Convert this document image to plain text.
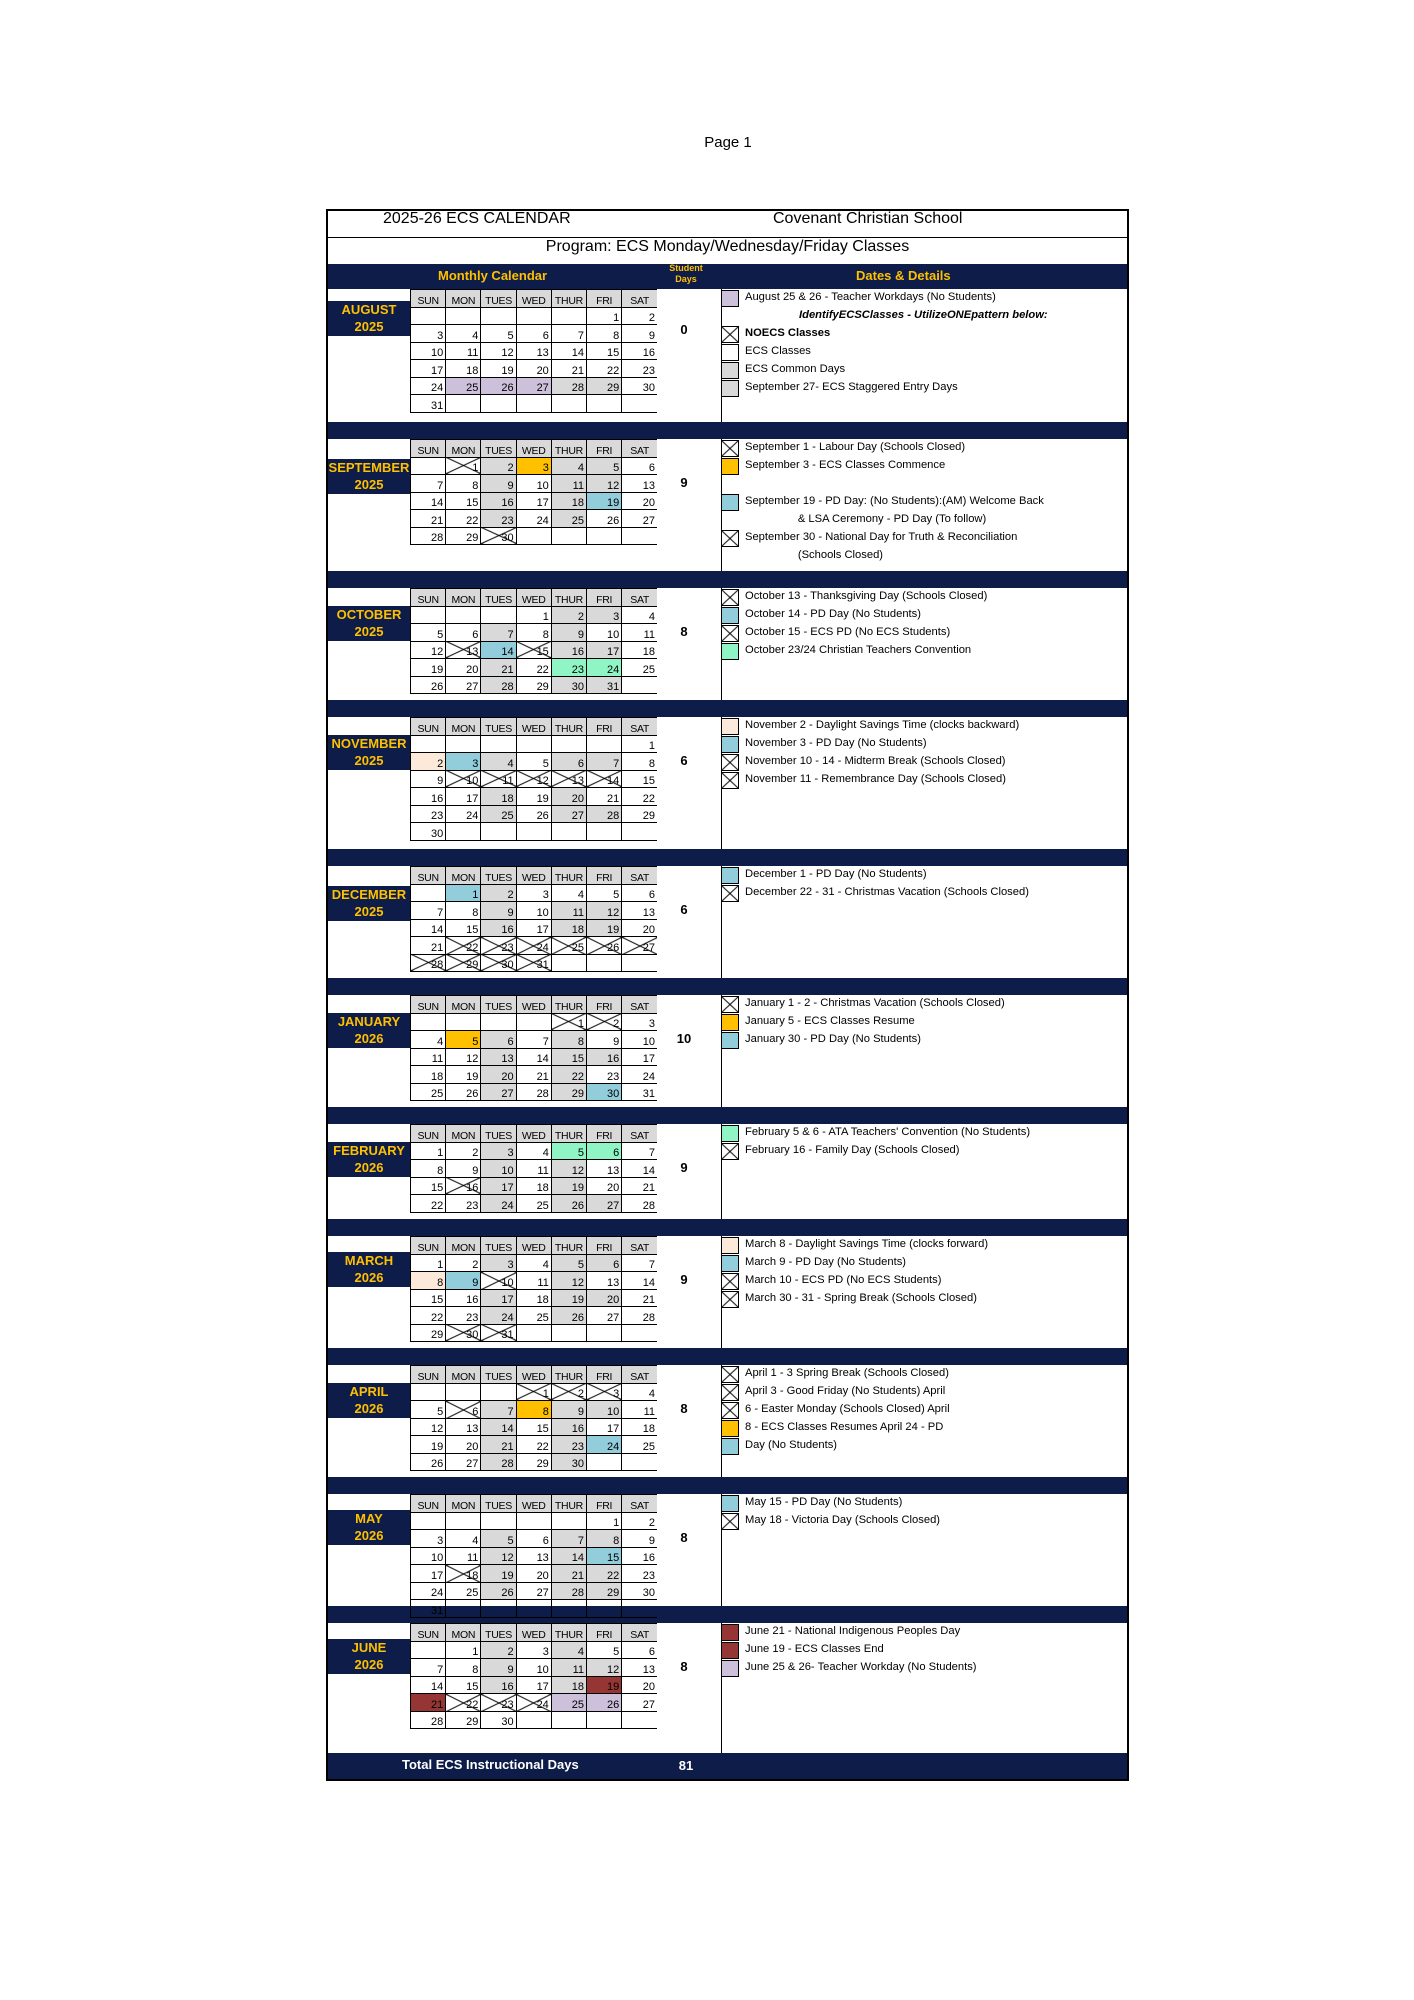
Page 1
2025-26 ECS CALENDAR	Covenant Christian School
Program: ECS Monday/Wednesday/Friday Classes
Monthly Calendar	Student Days	Dates & Details
AUGUST
2025
SUN	MON	TUES	WED	THUR	FRI	SAT
					1	2
3	4	5	6	7	8	9
10	11	12	13	14	15	16
17	18	19	20	21	22	23
24	25	26	27	28	29	30
31						
0
August 25 & 26 - Teacher Workdays (No Students)
IdentifyECSClasses - UtilizeONEpattern below:
NOECS Classes
ECS Classes
ECS Common Days
September 27- ECS Staggered Entry Days
SEPTEMBER
2025
SUN	MON	TUES	WED	THUR	FRI	SAT
	1	2	3	4	5	6
7	8	9	10	11	12	13
14	15	16	17	18	19	20
21	22	23	24	25	26	27
28	29	30				
9
September 1 - Labour Day (Schools Closed)
September 3 - ECS Classes Commence
September 19 - PD Day: (No Students):(AM) Welcome Back
& LSA Ceremony - PD Day (To follow)
September 30 - National Day for Truth & Reconciliation
(Schools Closed)
OCTOBER
2025
SUN	MON	TUES	WED	THUR	FRI	SAT
			1	2	3	4
5	6	7	8	9	10	11
12	13	14	15	16	17	18
19	20	21	22	23	24	25
26	27	28	29	30	31	
8
October 13 - Thanksgiving Day (Schools Closed)
October 14 - PD Day (No Students)
October 15 - ECS PD (No ECS Students)
October 23/24 Christian Teachers Convention
NOVEMBER
2025
SUN	MON	TUES	WED	THUR	FRI	SAT
						1
2	3	4	5	6	7	8
9	10	11	12	13	14	15
16	17	18	19	20	21	22
23	24	25	26	27	28	29
30						
6
November 2 - Daylight Savings Time (clocks backward)
November 3 - PD Day (No Students)
November 10 - 14 - Midterm Break (Schools Closed)
November 11 - Remembrance Day (Schools Closed)
DECEMBER
2025
SUN	MON	TUES	WED	THUR	FRI	SAT
	1	2	3	4	5	6
7	8	9	10	11	12	13
14	15	16	17	18	19	20
21	22	23	24	25	26	27
28	29	30	31			
6
December 1 - PD Day (No Students)
December 22 - 31 - Christmas Vacation (Schools Closed)
JANUARY
2026
SUN	MON	TUES	WED	THUR	FRI	SAT
				1	2	3
4	5	6	7	8	9	10
11	12	13	14	15	16	17
18	19	20	21	22	23	24
25	26	27	28	29	30	31
10
January 1 - 2 - Christmas Vacation (Schools Closed)
January 5 - ECS Classes Resume
January 30 - PD Day (No Students)
FEBRUARY
2026
SUN	MON	TUES	WED	THUR	FRI	SAT
1	2	3	4	5	6	7
8	9	10	11	12	13	14
15	16	17	18	19	20	21
22	23	24	25	26	27	28
9
February 5 & 6 - ATA Teachers' Convention (No Students)
February 16 - Family Day (Schools Closed)
MARCH
2026
SUN	MON	TUES	WED	THUR	FRI	SAT
1	2	3	4	5	6	7
8	9	10	11	12	13	14
15	16	17	18	19	20	21
22	23	24	25	26	27	28
29	30	31				
9
March 8 - Daylight Savings Time (clocks forward)
March 9 - PD Day (No Students)
March 10 - ECS PD (No ECS Students)
March 30 - 31 - Spring Break (Schools Closed)
APRIL
2026
SUN	MON	TUES	WED	THUR	FRI	SAT
			1	2	3	4
5	6	7	8	9	10	11
12	13	14	15	16	17	18
19	20	21	22	23	24	25
26	27	28	29	30		
8
April 1 - 3 Spring Break (Schools Closed)
April 3 - Good Friday (No Students) April
6 - Easter Monday (Schools Closed) April
8 - ECS Classes Resumes April 24 - PD
Day (No Students)
MAY
2026
SUN	MON	TUES	WED	THUR	FRI	SAT
					1	2
3	4	5	6	7	8	9
10	11	12	13	14	15	16
17	18	19	20	21	22	23
24	25	26	27	28	29	30
31						
8
May 15 - PD Day (No Students)
May 18 - Victoria Day (Schools Closed)
JUNE
2026
SUN	MON	TUES	WED	THUR	FRI	SAT
	1	2	3	4	5	6
7	8	9	10	11	12	13
14	15	16	17	18	19	20
21	22	23	24	25	26	27
28	29	30				
8
June 21 - National Indigenous Peoples Day
June 19 - ECS Classes End
June 25 & 26- Teacher Workday (No Students)
Total ECS Instructional Days	81
